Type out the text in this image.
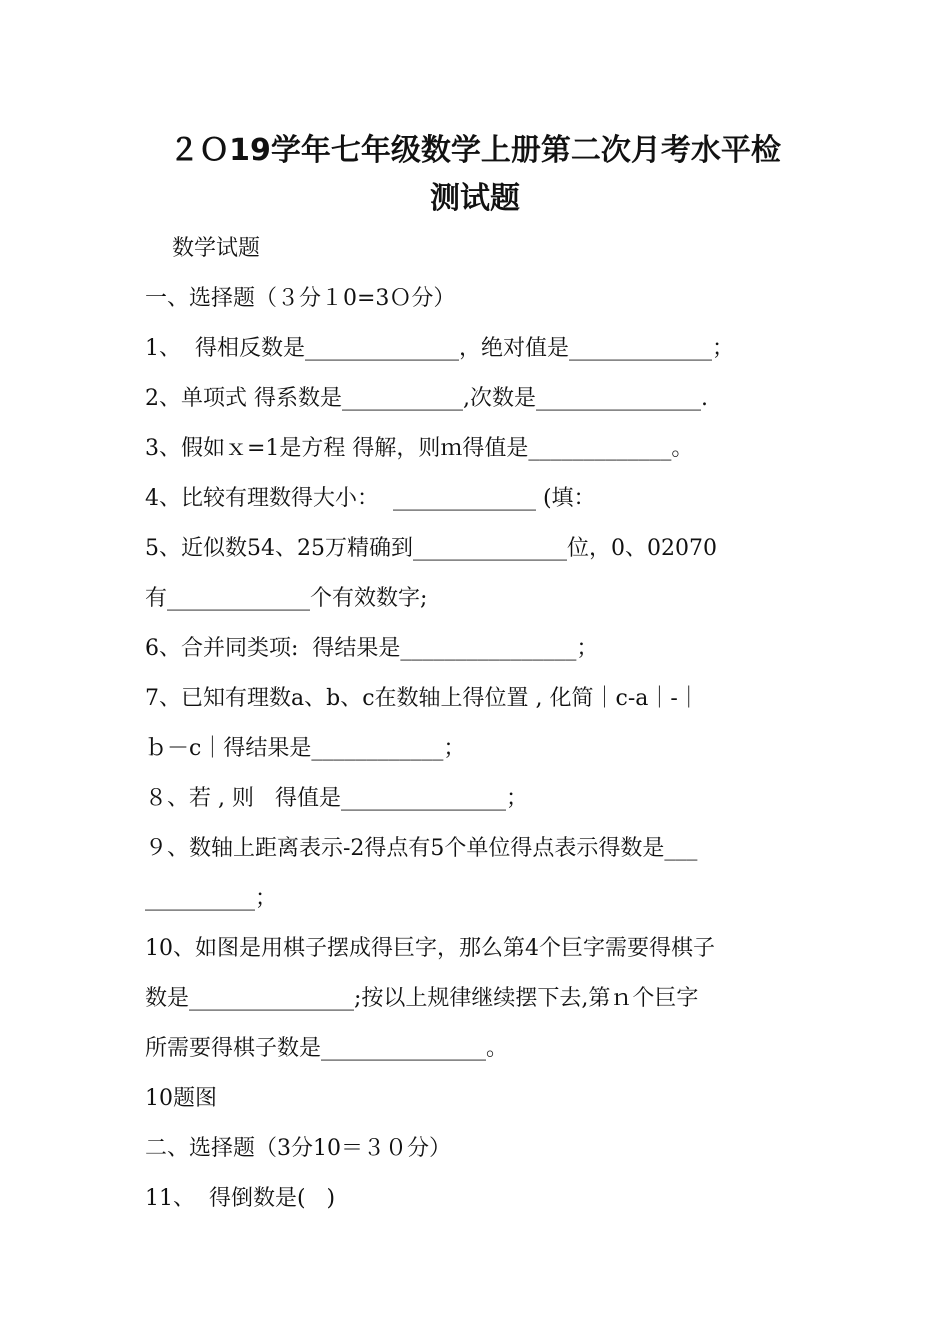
２Ｏ19学年七年级数学上册第二次月考水平检
测试题
数学试题
一、选择题（３分１0=3Ｏ分）
1、  得相反数是______________，绝对值是_____________；
2、单项式 得系数是___________,次数是_______________.
3、假如ｘ=1是方程 得解，则ｍ得值是_____________。
4、比较有理数得大小：  _____________ (填：
5、近似数54、25万精确到______________位，0、02070
有_____________个有效数字;
6、合并同类项:  得结果是________________；
7、已知有理数a、b、c在数轴上得位置 , 化简｜c-a｜-｜
ｂ－c｜得结果是____________；
８、若 , 则   得值是_______________；
９、数轴上距离表示-2得点有5个单位得点表示得数是___
__________；
10、如图是用棋子摆成得巨字，那么第4个巨字需要得棋子
数是_______________;按以上规律继续摆下去,第ｎ个巨字
所需要得棋子数是_______________。
10题图
二、选择题（3分10＝３０分）
11、  得倒数是(   )
